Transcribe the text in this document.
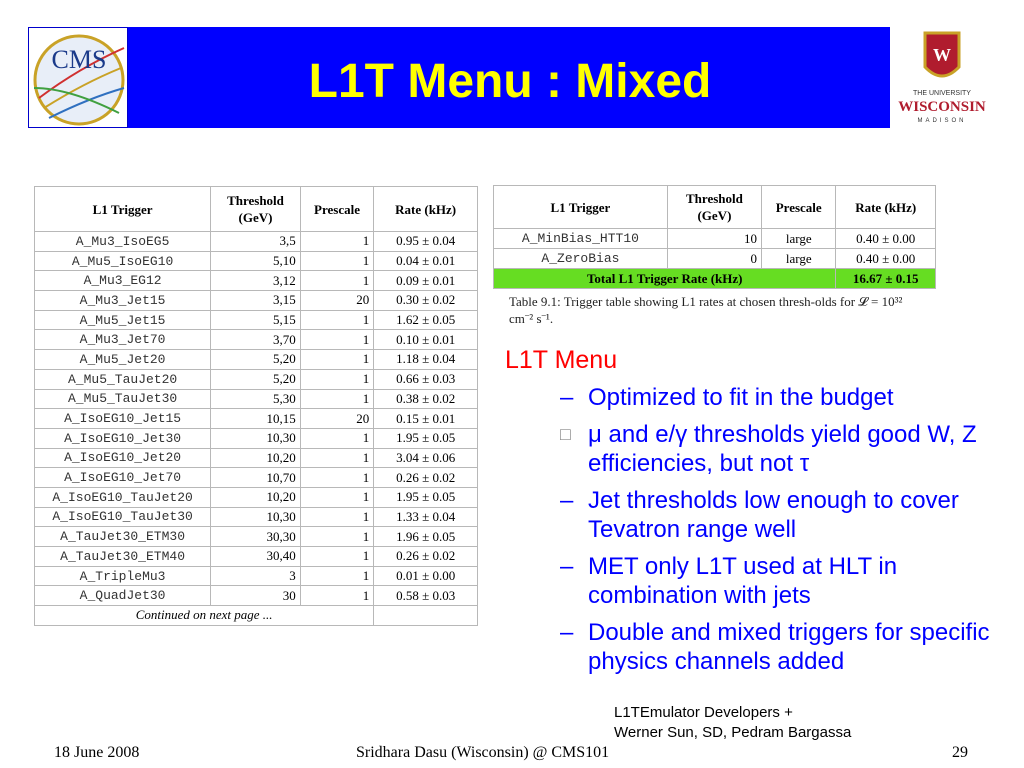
CMS	L1T Menu : Mixed	W
THE UNIVERSITY
WISCONSIN
MADISON
L1 Trigger	Threshold (GeV)	Prescale	Rate (kHz)
A_Mu3_IsoEG5	3,5	1	0.95 ± 0.04
A_Mu5_IsoEG10	5,10	1	0.04 ± 0.01
A_Mu3_EG12	3,12	1	0.09 ± 0.01
A_Mu3_Jet15	3,15	20	0.30 ± 0.02
A_Mu5_Jet15	5,15	1	1.62 ± 0.05
A_Mu3_Jet70	3,70	1	0.10 ± 0.01
A_Mu5_Jet20	5,20	1	1.18 ± 0.04
A_Mu5_TauJet20	5,20	1	0.66 ± 0.03
A_Mu5_TauJet30	5,30	1	0.38 ± 0.02
A_IsoEG10_Jet15	10,15	20	0.15 ± 0.01
A_IsoEG10_Jet30	10,30	1	1.95 ± 0.05
A_IsoEG10_Jet20	10,20	1	3.04 ± 0.06
A_IsoEG10_Jet70	10,70	1	0.26 ± 0.02
A_IsoEG10_TauJet20	10,20	1	1.95 ± 0.05
A_IsoEG10_TauJet30	10,30	1	1.33 ± 0.04
A_TauJet30_ETM30	30,30	1	1.96 ± 0.05
A_TauJet30_ETM40	30,40	1	0.26 ± 0.02
A_TripleMu3	3	1	0.01 ± 0.00
A_QuadJet30	30	1	0.58 ± 0.03
Continued on next page ...			
L1 Trigger	Threshold (GeV)	Prescale	Rate (kHz)
A_MinBias_HTT10	10	large	0.40 ± 0.00
A_ZeroBias	0	large	0.40 ± 0.00
Total L1 Trigger Rate (kHz)			16.67 ± 0.15
Table 9.1: Trigger table showing L1 rates at chosen thresh-olds for 𝓛 = 10³² cm⁻² s⁻¹.
L1T Menu
– Optimized to fit in the budget
□ μ and e/γ thresholds yield good W, Z efficiencies, but not τ
– Jet thresholds low enough to cover Tevatron range well
– MET only L1T used at HLT in combination with jets
– Double and mixed triggers for specific physics channels added
L1TEmulator Developers +
Werner Sun, SD, Pedram Bargassa
18 June 2008	Sridhara Dasu (Wisconsin) @ CMS101	29
